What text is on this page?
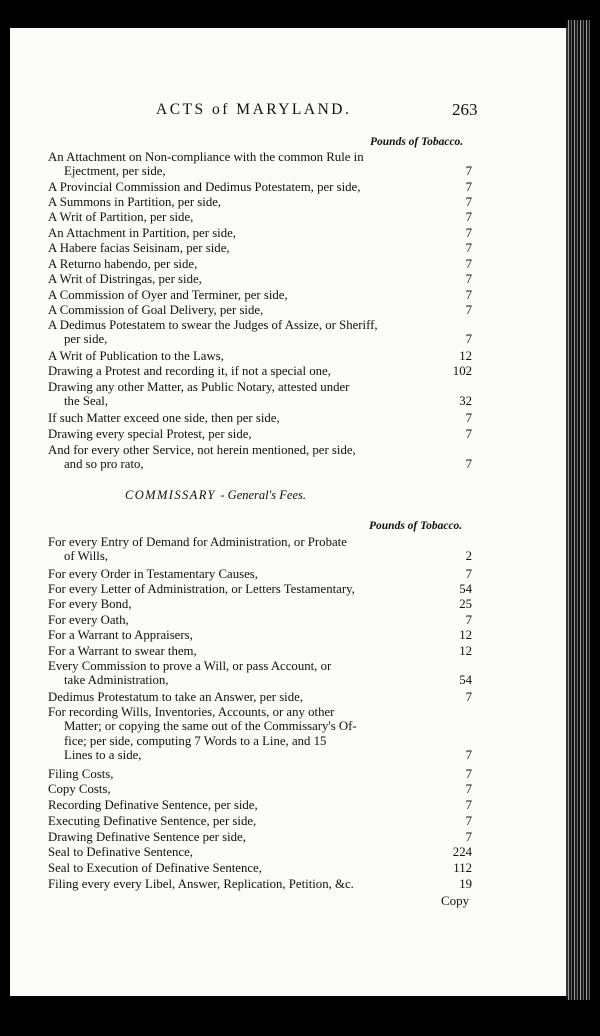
ACTS of MARYLAND.	263
Pounds of Tobacco.
An Attachment on Non-compliance with the common Rule in
Ejectment, per side,	7
A Provincial Commission and Dedimus Potestatem, per side,	7
A Summons in Partition, per side,	7
A Writ of Partition, per side,	7
An Attachment in Partition, per side,	7
A Habere facias Seisinam, per side,	7
A Returno habendo, per side,	7
A Writ of Distringas, per side,	7
A Commission of Oyer and Terminer, per side,	7
A Commission of Goal Delivery, per side,	7
A Dedimus Potestatem to swear the Judges of Assize, or Sheriff,
per side,	7
A Writ of Publication to the Laws,	12
Drawing a Protest and recording it, if not a special one,	102
Drawing any other Matter, as Public Notary, attested under
the Seal,	32
If such Matter exceed one side, then per side,	7
Drawing every special Protest, per side,	7
And for every other Service, not herein mentioned, per side,
and so pro rato,	7
COMMISSARY - General's Fees.
Pounds of Tobacco.
For every Entry of Demand for Administration, or Probate
of Wills,	2
For every Order in Testamentary Causes,	7
For every Letter of Administration, or Letters Testamentary,	54
For every Bond,	25
For every Oath,	7
For a Warrant to Appraisers,	12
For a Warrant to swear them,	12
Every Commission to prove a Will, or pass Account, or
take Administration,	54
Dedimus Protestatum to take an Answer, per side,	7
For recording Wills, Inventories, Accounts, or any other
Matter; or copying the same out of the Commissary's Of-
fice; per side, computing 7 Words to a Line, and 15
Lines to a side,	7
Filing Costs,	7
Copy Costs,	7
Recording Definative Sentence, per side,	7
Executing Definative Sentence, per side,	7
Drawing Definative Sentence per side,	7
Seal to Definative Sentence,	224
Seal to Execution of Definative Sentence,	112
Filing every every Libel, Answer, Replication, Petition, &c.	19
Copy
